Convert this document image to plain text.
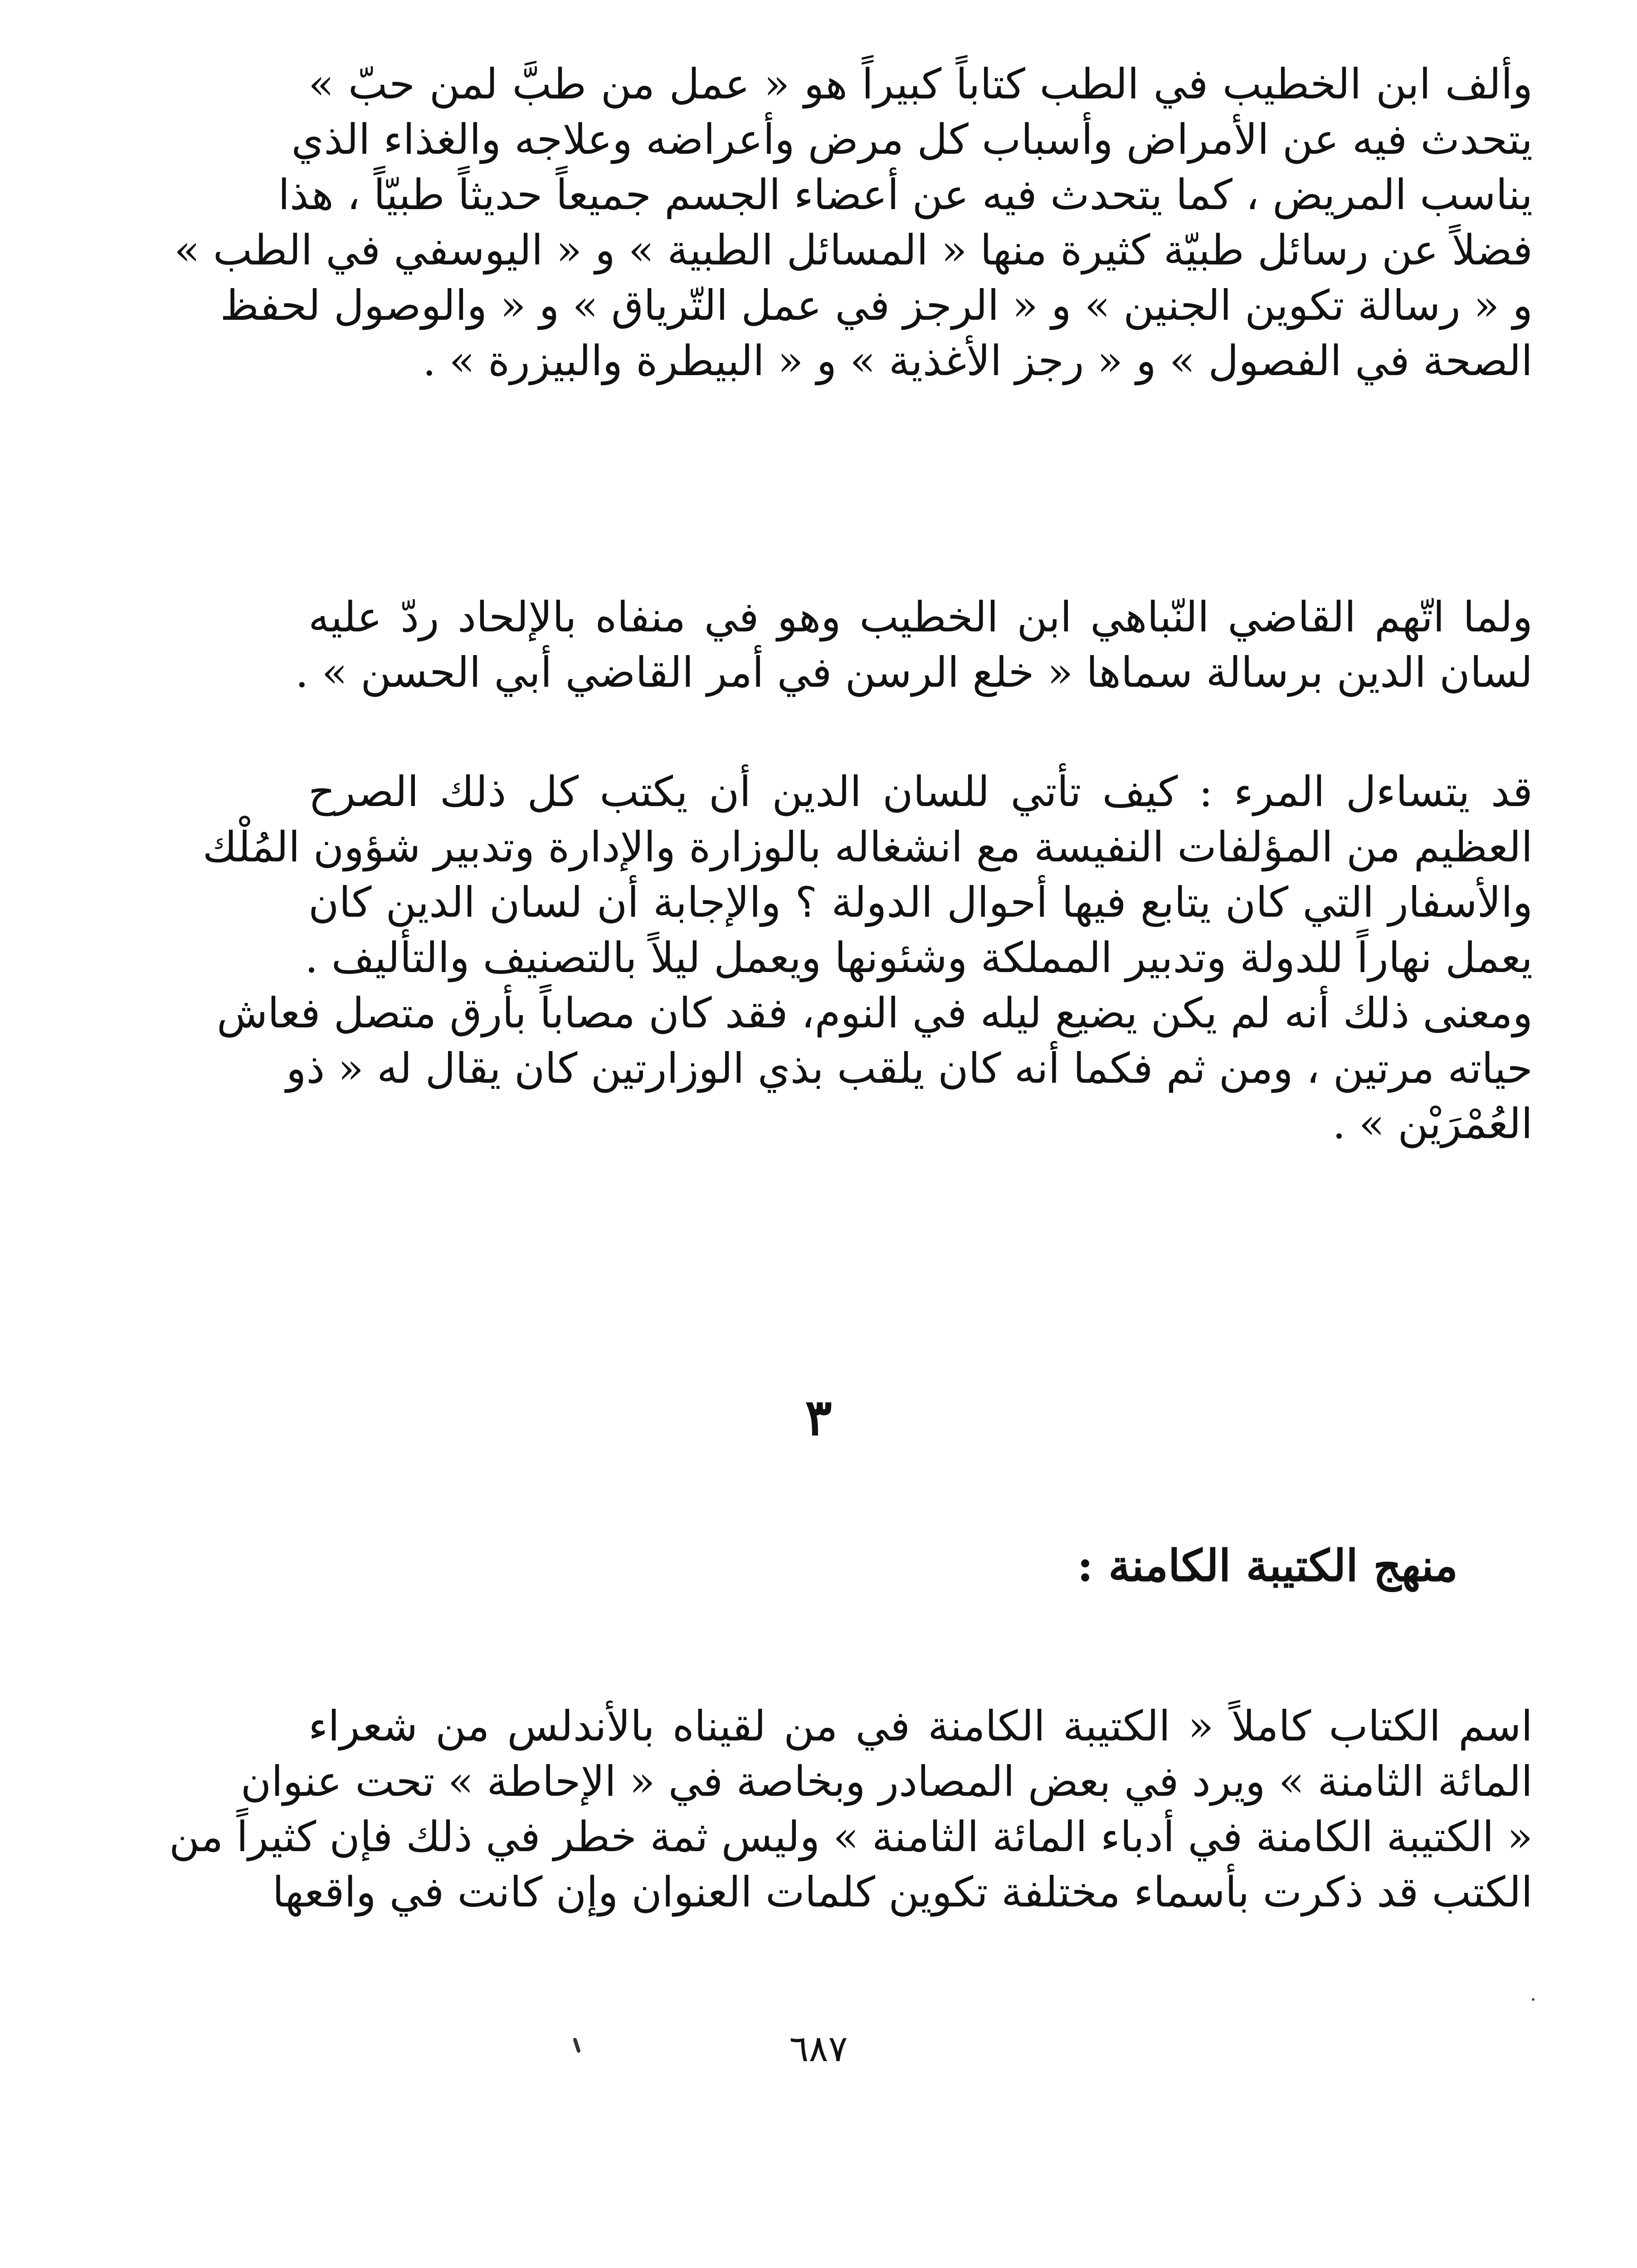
وألف ابن الخطيب في الطب كتاباً كبيراً هو « عمل من طبَّ لمن حبّ »
يتحدث فيه عن الأمراض وأسباب كل مرض وأعراضه وعلاجه والغذاء الذي
يناسب المريض ، كما يتحدث فيه عن أعضاء الجسم جميعاً حديثاً طبيّاً ، هذا
فضلاً عن رسائل طبيّة كثيرة منها « المسائل الطبية » و « اليوسفي في الطب »
و « رسالة تكوين الجنين » و « الرجز في عمل التّرياق » و « والوصول لحفظ
الصحة في الفصول » و « رجز الأغذية » و « البيطرة والبيزرة » .
ولما اتّهم القاضي النّباهي ابن الخطيب وهو في منفاه بالإلحاد ردّ عليه
لسان الدين برسالة سماها « خلع الرسن في أمر القاضي أبي الحسن » .
قد يتساءل المرء : كيف تأتي للسان الدين أن يكتب كل ذلك الصرح
العظيم من المؤلفات النفيسة مع انشغاله بالوزارة والإدارة وتدبير شؤون المُلْك
والأسفار التي كان يتابع فيها أحوال الدولة ؟ والإجابة أن لسان الدين كان
يعمل نهاراً للدولة وتدبير المملكة وشئونها ويعمل ليلاً بالتصنيف والتأليف .
ومعنى ذلك أنه لم يكن يضيع ليله في النوم، فقد كان مصاباً بأرق متصل فعاش
حياته مرتين ، ومن ثم فكما أنه كان يلقب بذي الوزارتين كان يقال له « ذو
العُمْرَيْن » .
٣
منهج الكتيبة الكامنة :
اسم الكتاب كاملاً « الكتيبة الكامنة في من لقيناه بالأندلس من شعراء
المائة الثامنة » ويرد في بعض المصادر وبخاصة في « الإحاطة » تحت عنوان
« الكتيبة الكامنة في أدباء المائة الثامنة » وليس ثمة خطر في ذلك فإن كثيراً من
الكتب قد ذكرت بأسماء مختلفة تكوين كلمات العنوان وإن كانت في واقعها
٦٨٧
